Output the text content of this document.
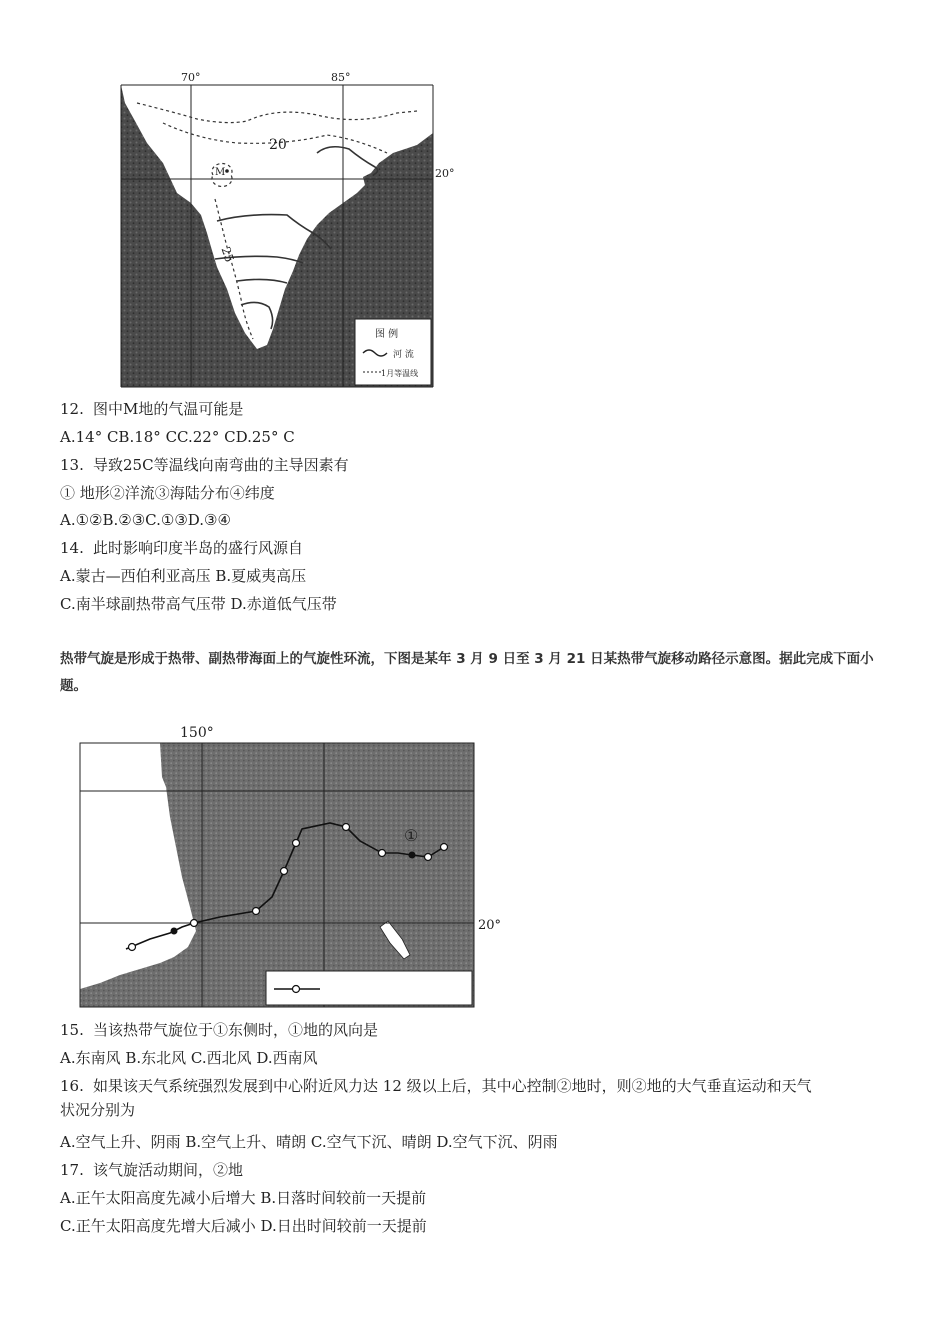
70°	85°
20°
20
25
M
图 例
河 流
1月等温线
12. 图中M地的气温可能是
A.14° CB.18° CC.22° CD.25° C
13. 导致25C等温线向南弯曲的主导因素有
① 地形②洋流③海陆分布④纬度
A.①②B.②③C.①③D.③④
14. 此时影响印度半岛的盛行风源自
A.蒙古—西伯利亚高压 B.夏威夷高压
C.南半球副热带高气压带 D.赤道低气压带
热带气旋是形成于热带、副热带海面上的气旋性环流，下图是某年 3 月 9 日至 3 月 21 日某热带气旋移动路径示意图。据此完成下面小题。
150°
20°
①
15. 当该热带气旋位于①东侧时，①地的风向是
A.东南风 B.东北风 C.西北风 D.西南风
16. 如果该天气系统强烈发展到中心附近风力达 12 级以上后，其中心控制②地时，则②地的大气垂直运动和天气
状况分别为
A.空气上升、阴雨 B.空气上升、晴朗 C.空气下沉、晴朗 D.空气下沉、阴雨
17. 该气旋活动期间，②地
A.正午太阳高度先减小后增大 B.日落时间较前一天提前
C.正午太阳高度先增大后减小 D.日出时间较前一天提前
